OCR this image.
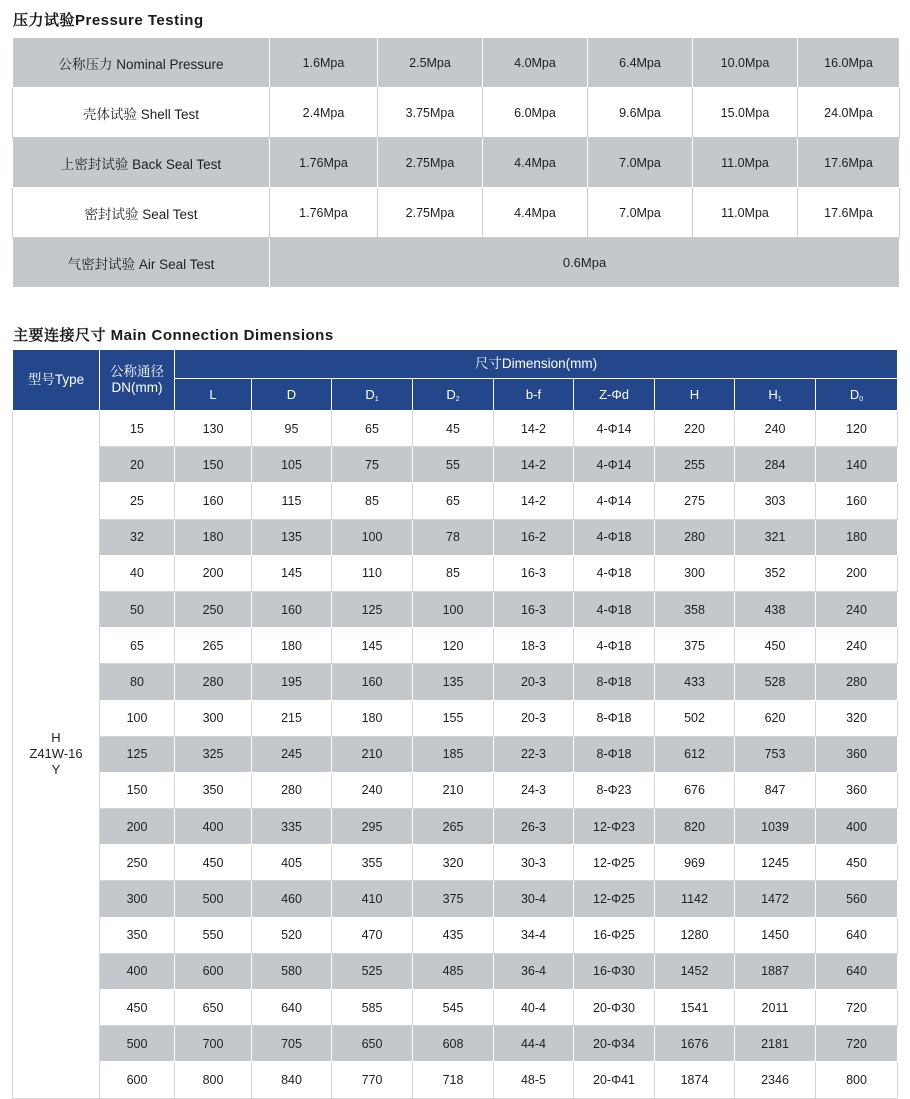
压力试验Pressure Testing
公称压力 Nominal Pressure	1.6Mpa	2.5Mpa	4.0Mpa	6.4Mpa	10.0Mpa	16.0Mpa
壳体试验 Shell Test	2.4Mpa	3.75Mpa	6.0Mpa	9.6Mpa	15.0Mpa	24.0Mpa
上密封试验 Back Seal Test	1.76Mpa	2.75Mpa	4.4Mpa	7.0Mpa	11.0Mpa	17.6Mpa
密封试验 Seal Test	1.76Mpa	2.75Mpa	4.4Mpa	7.0Mpa	11.0Mpa	17.6Mpa
气密封试验 Air Seal Test	0.6Mpa					
主要连接尺寸 Main Connection Dimensions
型号Type	公称通径
DN(mm)	尺寸Dimension(mm)								
		L	D	$D_1$	$D_2$	b-f	Z-Φd	H	$H_1$	$D_0$
H
Z41W-16
Y	15	130	95	65	45	14-2	4-Φ14	220	240	120
	20	150	105	75	55	14-2	4-Φ14	255	284	140
	25	160	115	85	65	14-2	4-Φ14	275	303	160
	32	180	135	100	78	16-2	4-Φ18	280	321	180
	40	200	145	110	85	16-3	4-Φ18	300	352	200
	50	250	160	125	100	16-3	4-Φ18	358	438	240
	65	265	180	145	120	18-3	4-Φ18	375	450	240
	80	280	195	160	135	20-3	8-Φ18	433	528	280
	100	300	215	180	155	20-3	8-Φ18	502	620	320
	125	325	245	210	185	22-3	8-Φ18	612	753	360
	150	350	280	240	210	24-3	8-Φ23	676	847	360
	200	400	335	295	265	26-3	12-Φ23	820	1039	400
	250	450	405	355	320	30-3	12-Φ25	969	1245	450
	300	500	460	410	375	30-4	12-Φ25	1142	1472	560
	350	550	520	470	435	34-4	16-Φ25	1280	1450	640
	400	600	580	525	485	36-4	16-Φ30	1452	1887	640
	450	650	640	585	545	40-4	20-Φ30	1541	2011	720
	500	700	705	650	608	44-4	20-Φ34	1676	2181	720
	600	800	840	770	718	48-5	20-Φ41	1874	2346	800
